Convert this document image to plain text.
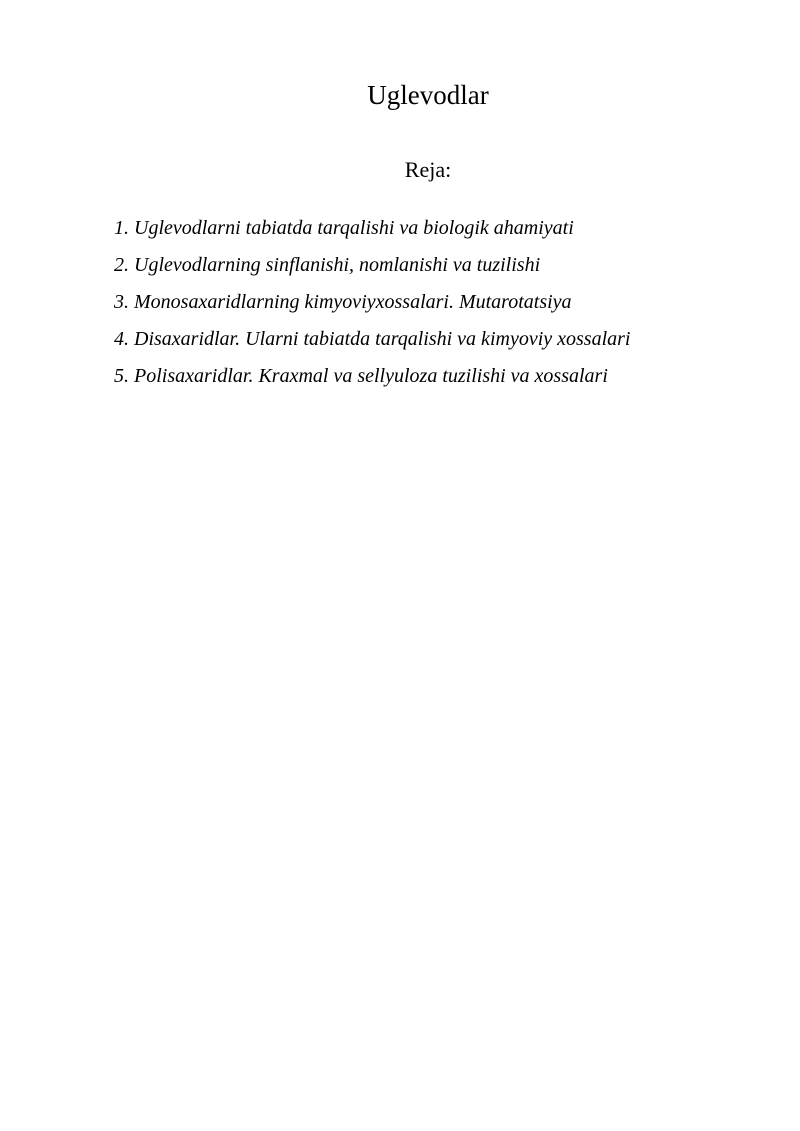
Uglevodlar
Reja:
1. Uglevodlarni tabiatda tarqalishi va biologik ahamiyati
2. Uglevodlarning sinflanishi, nomlanishi va tuzilishi
3. Monosaxaridlarning kimyoviyxossalari. Mutarotatsiya
4. Disaxaridlar. Ularni tabiatda tarqalishi va kimyoviy xossalari
5. Polisaxaridlar. Kraxmal va sellyuloza tuzilishi va xossalari
